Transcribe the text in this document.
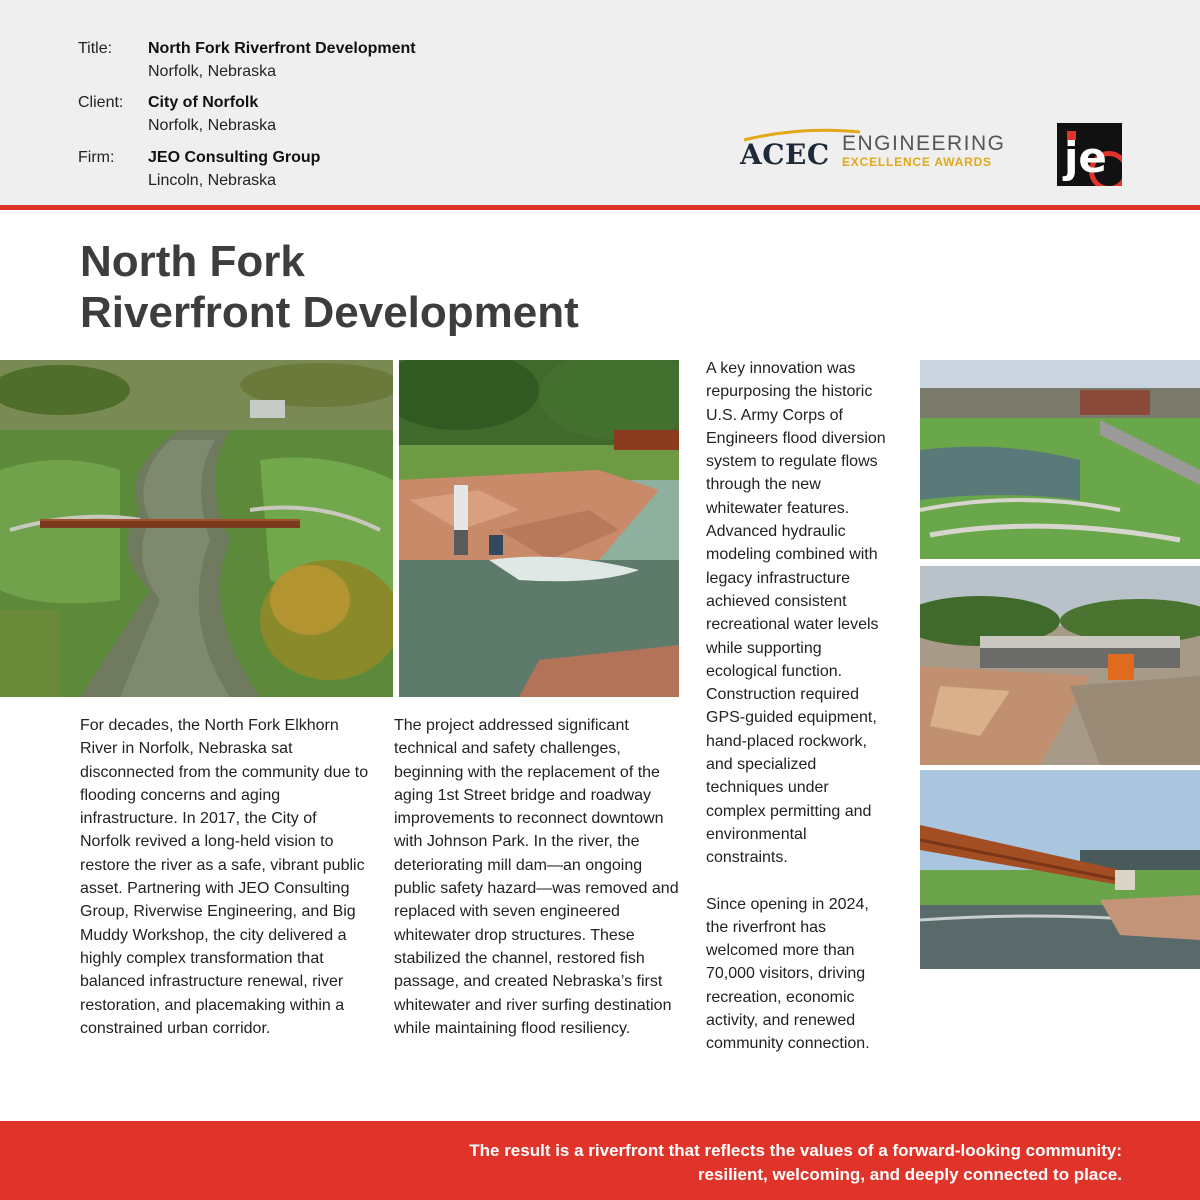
Title:	North Fork Riverfront Development
Norfolk, Nebraska
Client:	City of Norfolk
Norfolk, Nebraska
Firm:	JEO Consulting Group
Lincoln, Nebraska
ACEC ENGINEERING
EXCELLENCE AWARDS je
North Fork
Riverfront Development

For decades, the North Fork Elkhorn River in Norfolk, Nebraska sat disconnected from the community due to flooding concerns and aging infrastructure. In 2017, the City of Norfolk revived a long-held vision to restore the river as a safe, vibrant public asset. Partnering with JEO Consulting Group, Riverwise Engineering, and Big Muddy Workshop, the city delivered a highly complex transformation that balanced infrastructure renewal, river restoration, and placemaking within a constrained urban corridor.

The project addressed significant technical and safety challenges, beginning with the replacement of the aging 1st Street bridge and roadway improvements to reconnect downtown with Johnson Park. In the river, the deteriorating mill dam—an ongoing public safety hazard—was removed and replaced with seven engineered whitewater drop structures. These stabilized the channel, restored fish passage, and created Nebraska’s first whitewater and river surfing destination while maintaining flood resiliency.

A key innovation was repurposing the historic U.S. Army Corps of Engineers flood diversion system to regulate flows through the new whitewater features. Advanced hydraulic modeling combined with legacy infrastructure achieved consistent recreational water levels while supporting ecological function. Construction required GPS-guided equipment, hand-placed rockwork, and specialized techniques under complex permitting and environmental constraints.

Since opening in 2024, the riverfront has welcomed more than 70,000 visitors, driving recreation, economic activity, and renewed community connection.

The result is a riverfront that reflects the values of a forward-looking community:
resilient, welcoming, and deeply connected to place.
